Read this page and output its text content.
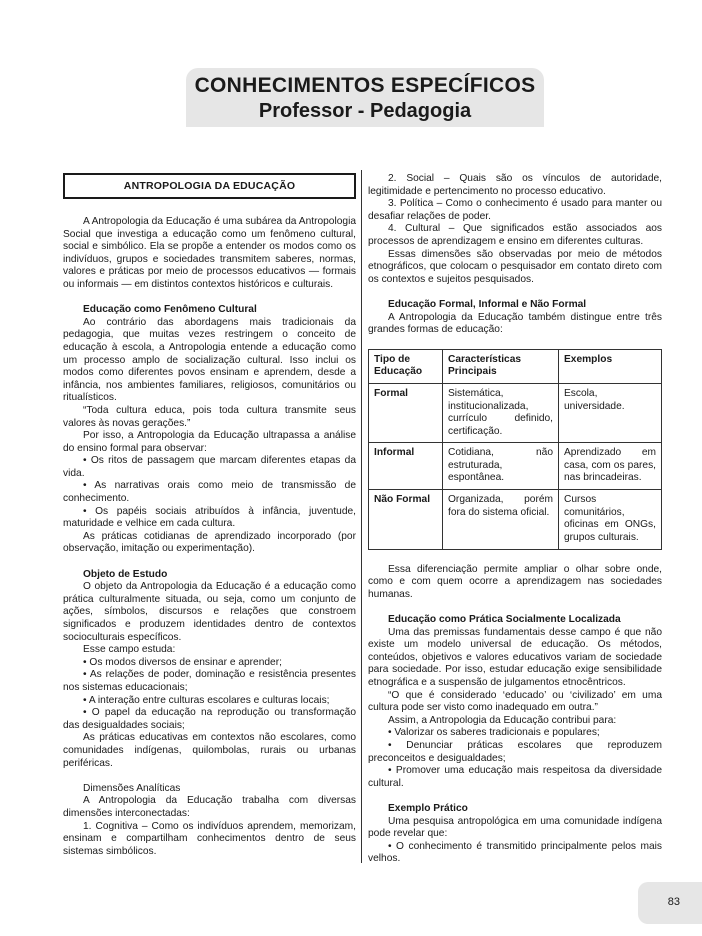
CONHECIMENTOS ESPECÍFICOS
Professor - Pedagogia
ANTROPOLOGIA DA EDUCAÇÃO

A Antropologia da Educação é uma subárea da Antropologia Social que investiga a educação como um fenômeno cultural, social e simbólico. Ela se propõe a entender os modos como os indivíduos, grupos e sociedades transmitem saberes, normas, valores e práticas por meio de processos educativos — formais ou informais — em distintos contextos históricos e culturais.

Educação como Fenômeno Cultural

Ao contrário das abordagens mais tradicionais da pedagogia, que muitas vezes restringem o conceito de educação à escola, a Antropologia entende a educação como um processo amplo de socialização cultural. Isso inclui os modos como diferentes povos ensinam e aprendem, desde a infância, nos ambientes familiares, religiosos, comunitários ou ritualísticos.

“Toda cultura educa, pois toda cultura transmite seus valores às novas gerações.”

Por isso, a Antropologia da Educação ultrapassa a análise do ensino formal para observar:

• Os ritos de passagem que marcam diferentes etapas da vida.

• As narrativas orais como meio de transmissão de conhecimento.

• Os papéis sociais atribuídos à infância, juventude, maturidade e velhice em cada cultura.

As práticas cotidianas de aprendizado incorporado (por observação, imitação ou experimentação).

Objeto de Estudo

O objeto da Antropologia da Educação é a educação como prática culturalmente situada, ou seja, como um conjunto de ações, símbolos, discursos e relações que constroem significados e produzem identidades dentro de contextos socioculturais específicos.

Esse campo estuda:

• Os modos diversos de ensinar e aprender;

• As relações de poder, dominação e resistência presentes nos sistemas educacionais;

• A interação entre culturas escolares e culturas locais;

• O papel da educação na reprodução ou transformação das desigualdades sociais;

As práticas educativas em contextos não escolares, como comunidades indígenas, quilombolas, rurais ou urbanas periféricas.

Dimensões Analíticas

A Antropologia da Educação trabalha com diversas dimensões interconectadas:

1. Cognitiva – Como os indivíduos aprendem, memorizam, ensinam e compartilham conhecimentos dentro de seus sistemas simbólicos.

2. Social – Quais são os vínculos de autoridade, legitimidade e pertencimento no processo educativo.

3. Política – Como o conhecimento é usado para manter ou desafiar relações de poder.

4. Cultural – Que significados estão associados aos processos de aprendizagem e ensino em diferentes culturas.

Essas dimensões são observadas por meio de métodos etnográficos, que colocam o pesquisador em contato direto com os contextos e sujeitos pesquisados.

Educação Formal, Informal e Não Formal

A Antropologia da Educação também distingue entre três grandes formas de educação:

Tipo de Educação	Características Principais	Exemplos
Formal	Sistemática, institucionalizada, currículo definido, certificação.	Escola, universidade.
Informal	Cotidiana, não estruturada, espontânea.	Aprendizado em casa, com os pares, nas brincadeiras.
Não Formal	Organizada, porém fora do sistema oficial.	Cursos comunitários, oficinas em ONGs, grupos culturais.

Essa diferenciação permite ampliar o olhar sobre onde, como e com quem ocorre a aprendizagem nas sociedades humanas.

Educação como Prática Socialmente Localizada

Uma das premissas fundamentais desse campo é que não existe um modelo universal de educação. Os métodos, conteúdos, objetivos e valores educativos variam de sociedade para sociedade. Por isso, estudar educação exige sensibilidade etnográfica e a suspensão de julgamentos etnocêntricos.

“O que é considerado ‘educado’ ou ‘civilizado’ em uma cultura pode ser visto como inadequado em outra.”

Assim, a Antropologia da Educação contribui para:

• Valorizar os saberes tradicionais e populares;

• Denunciar práticas escolares que reproduzem preconceitos e desigualdades;

• Promover uma educação mais respeitosa da diversidade cultural.

Exemplo Prático

Uma pesquisa antropológica em uma comunidade indígena pode revelar que:

• O conhecimento é transmitido principalmente pelos mais velhos.

83
